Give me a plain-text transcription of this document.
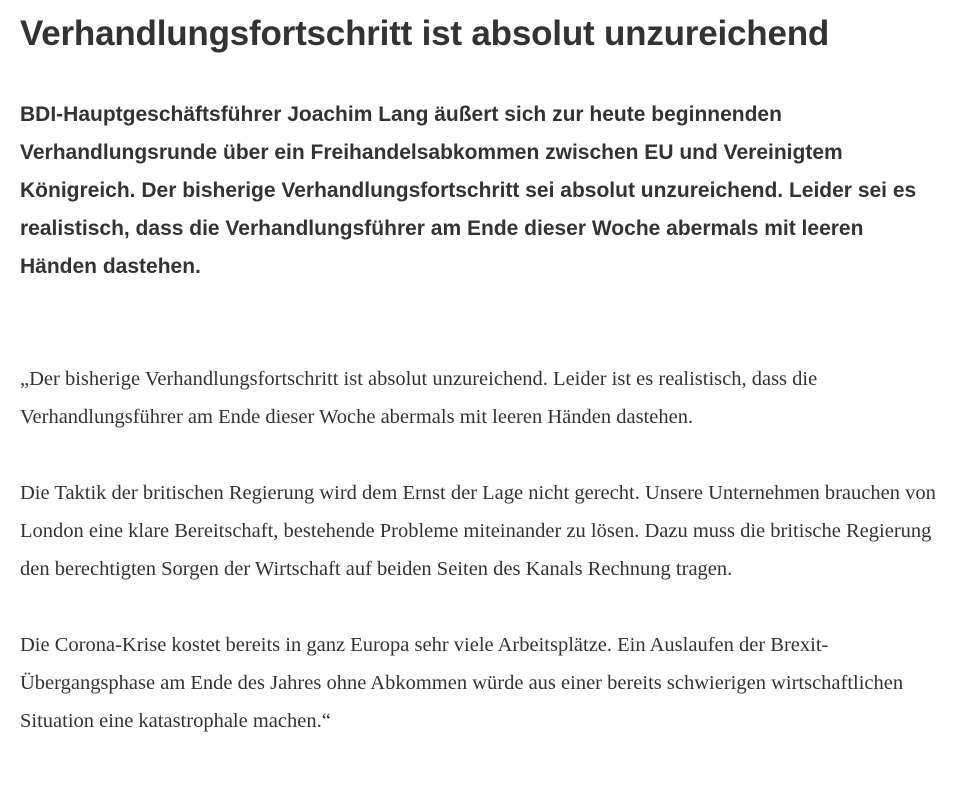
Verhandlungsfortschritt ist absolut unzureichend
BDI-Hauptgeschäftsführer Joachim Lang äußert sich zur heute beginnenden Verhandlungsrunde über ein Freihandelsabkommen zwischen EU und Vereinigtem Königreich. Der bisherige Verhandlungsfortschritt sei absolut unzureichend. Leider sei es realistisch, dass die Verhandlungsführer am Ende dieser Woche abermals mit leeren Händen dastehen.

„Der bisherige Verhandlungsfortschritt ist absolut unzureichend. Leider ist es realistisch, dass die Verhandlungsführer am Ende dieser Woche abermals mit leeren Händen dastehen.

Die Taktik der britischen Regierung wird dem Ernst der Lage nicht gerecht. Unsere Unternehmen brauchen von London eine klare Bereitschaft, bestehende Probleme miteinander zu lösen. Dazu muss die britische Regierung den berechtigten Sorgen der Wirtschaft auf beiden Seiten des Kanals Rechnung tragen.

Die Corona-Krise kostet bereits in ganz Europa sehr viele Arbeitsplätze. Ein Auslaufen der Brexit-Übergangsphase am Ende des Jahres ohne Abkommen würde aus einer bereits schwierigen wirtschaftlichen Situation eine katastrophale machen.“
